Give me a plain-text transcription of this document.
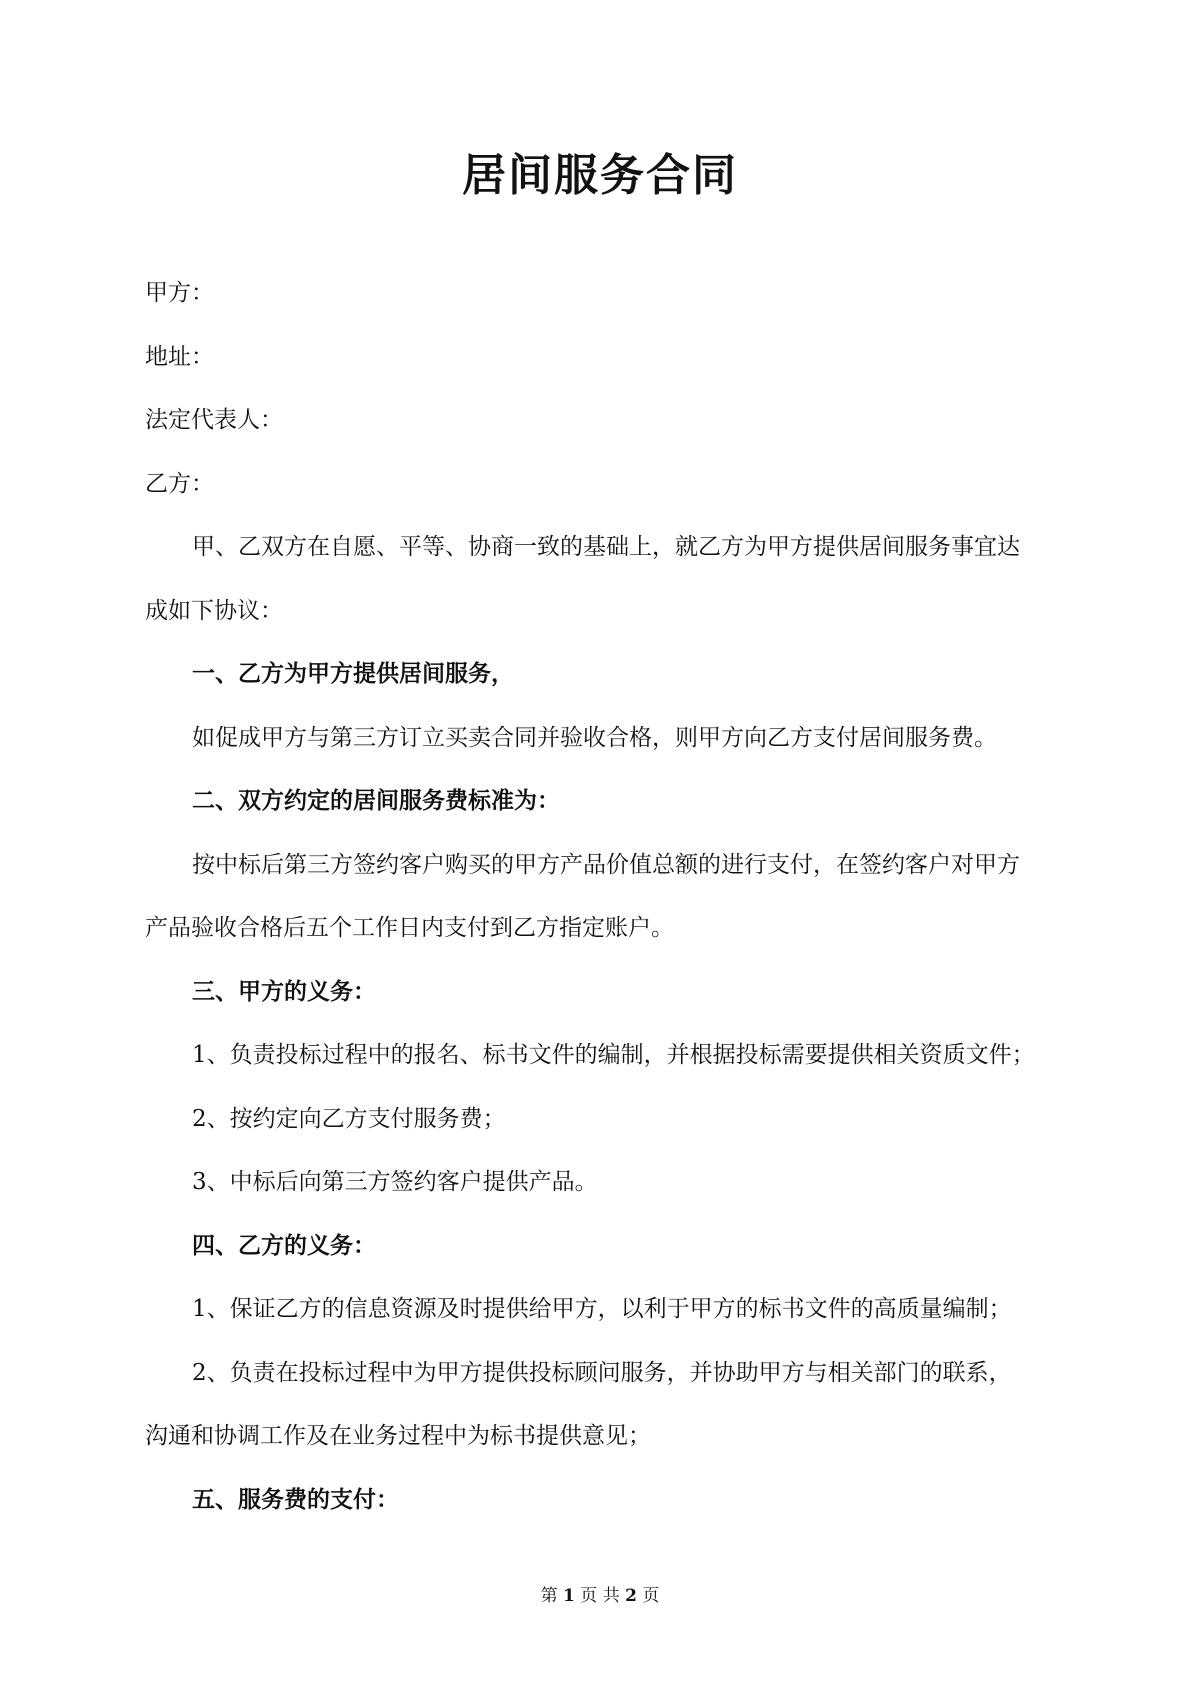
居间服务合同
甲方：
地址：
法定代表人：
乙方：
甲、乙双方在自愿、平等、协商一致的基础上，就乙方为甲方提供居间服务事宜达
成如下协议：
一、乙方为甲方提供居间服务，
如促成甲方与第三方订立买卖合同并验收合格，则甲方向乙方支付居间服务费。
二、双方约定的居间服务费标准为：
按中标后第三方签约客户购买的甲方产品价值总额的进行支付，在签约客户对甲方
产品验收合格后五个工作日内支付到乙方指定账户。
三、甲方的义务：
1、负责投标过程中的报名、标书文件的编制，并根据投标需要提供相关资质文件；
2、按约定向乙方支付服务费；
3、中标后向第三方签约客户提供产品。
四、乙方的义务：
1、保证乙方的信息资源及时提供给甲方，以利于甲方的标书文件的高质量编制；
2、负责在投标过程中为甲方提供投标顾问服务，并协助甲方与相关部门的联系，
沟通和协调工作及在业务过程中为标书提供意见；
五、服务费的支付：
第 1 页 共 2 页
